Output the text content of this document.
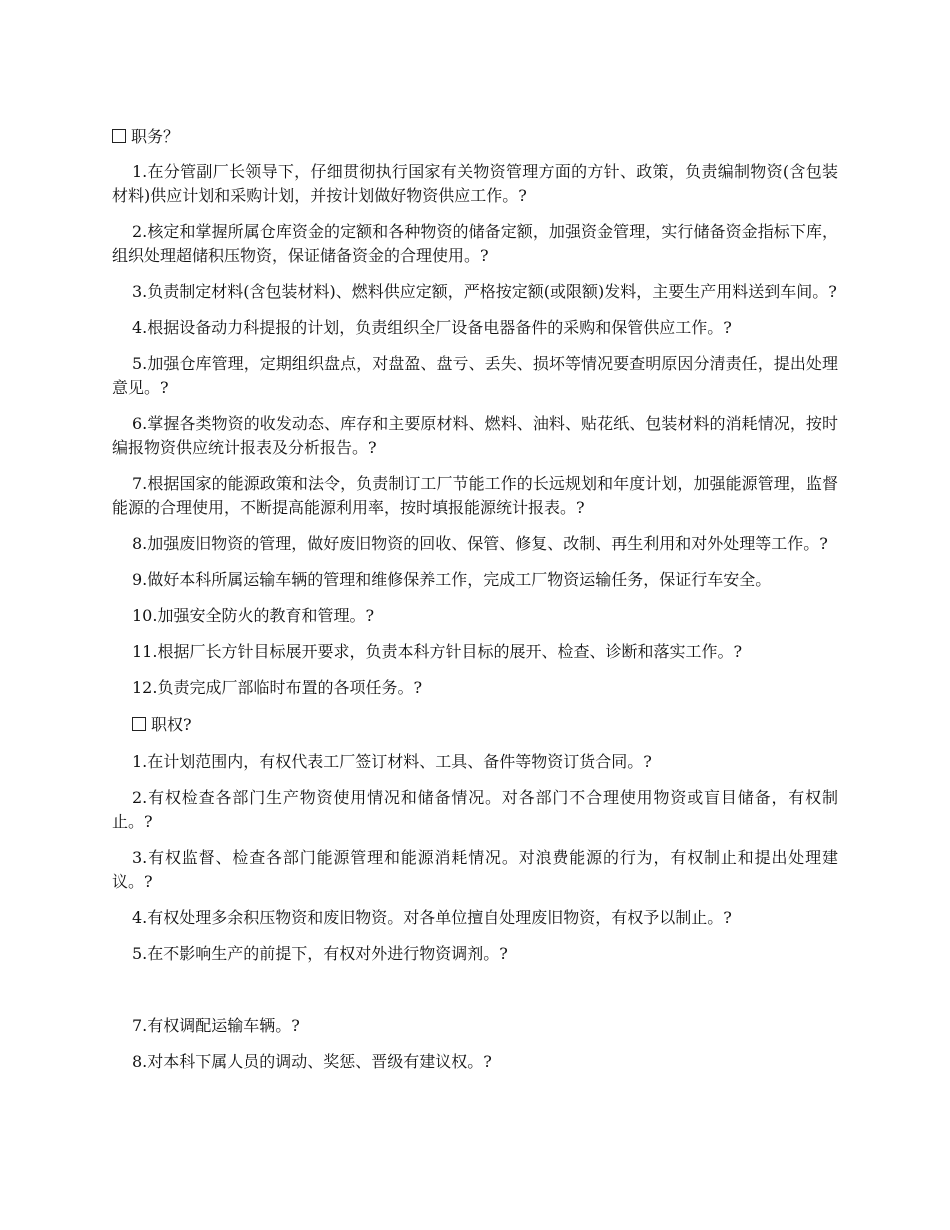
职务？

1.在分管副厂长领导下，仔细贯彻执行国家有关物资管理方面的方针、政策，负责编制物资(含包装材料)供应计划和采购计划，并按计划做好物资供应工作。?

2.核定和掌握所属仓库资金的定额和各种物资的储备定额，加强资金管理，实行储备资金指标下库，组织处理超储积压物资，保证储备资金的合理使用。?

3.负责制定材料(含包装材料)、燃料供应定额，严格按定额(或限额)发料，主要生产用料送到车间。?

4.根据设备动力科提报的计划，负责组织全厂设备电器备件的采购和保管供应工作。?

5.加强仓库管理，定期组织盘点，对盘盈、盘亏、丢失、损坏等情况要查明原因分清责任，提出处理意见。?

6.掌握各类物资的收发动态、库存和主要原材料、燃料、油料、贴花纸、包装材料的消耗情况，按时编报物资供应统计报表及分析报告。?

7.根据国家的能源政策和法令，负责制订工厂节能工作的长远规划和年度计划，加强能源管理，监督能源的合理使用，不断提高能源利用率，按时填报能源统计报表。?

8.加强废旧物资的管理，做好废旧物资的回收、保管、修复、改制、再生利用和对外处理等工作。?

9.做好本科所属运输车辆的管理和维修保养工作，完成工厂物资运输任务，保证行车安全。

10.加强安全防火的教育和管理。?

11.根据厂长方针目标展开要求，负责本科方针目标的展开、检查、诊断和落实工作。?

12.负责完成厂部临时布置的各项任务。?

职权?

1.在计划范围内，有权代表工厂签订材料、工具、备件等物资订货合同。?

2.有权检查各部门生产物资使用情况和储备情况。对各部门不合理使用物资或盲目储备，有权制止。?

3.有权监督、检查各部门能源管理和能源消耗情况。对浪费能源的行为，有权制止和提出处理建议。?

4.有权处理多余积压物资和废旧物资。对各单位擅自处理废旧物资，有权予以制止。?

5.在不影响生产的前提下，有权对外进行物资调剂。?

7.有权调配运输车辆。?

8.对本科下属人员的调动、奖惩、晋级有建议权。?
